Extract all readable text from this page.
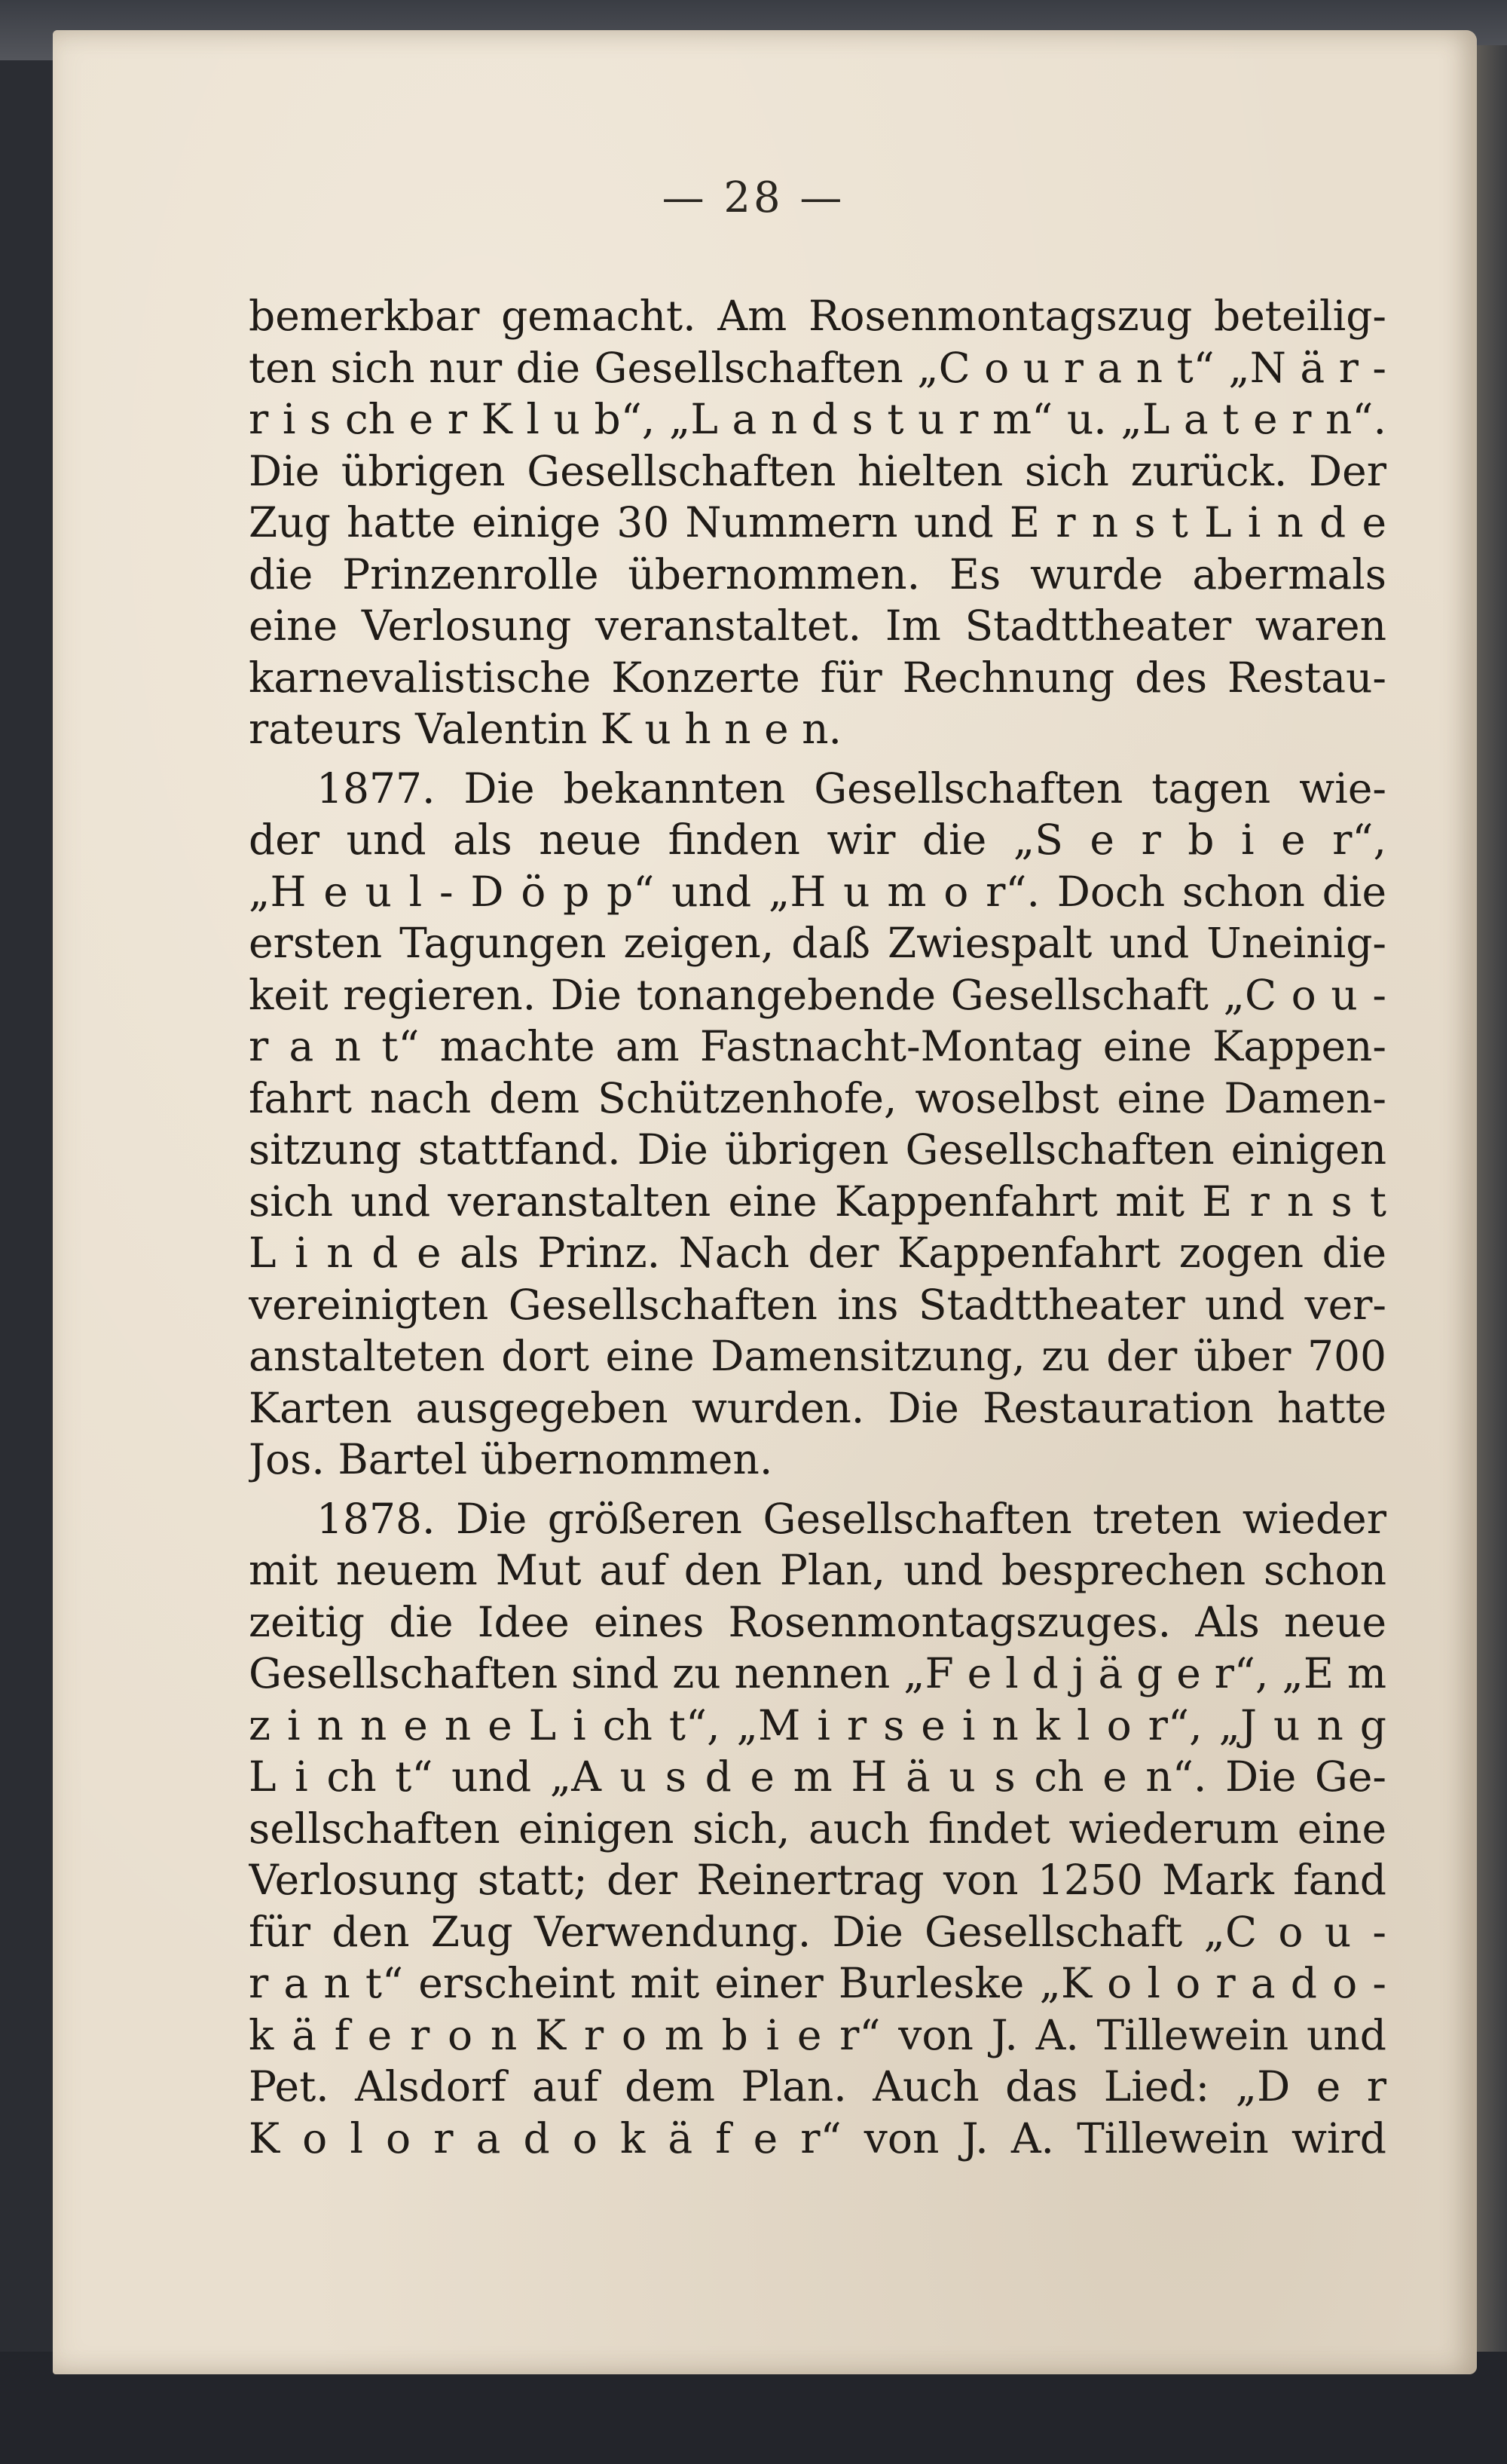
— 28 —
bemerkbar gemacht. Am Rosenmontagszug beteilig-
ten sich nur die Gesellschaften „C o u r a n t“ „N ä r -
r i s ch e r K l u b“, „L a n d s t u r m“ u. „L a t e r n“.
Die übrigen Gesellschaften hielten sich zurück. Der
Zug hatte einige 30 Nummern und E r n s t L i n d e
die Prinzenrolle übernommen. Es wurde abermals
eine Verlosung veranstaltet. Im Stadttheater waren
karnevalistische Konzerte für Rechnung des Restau-
rateurs Valentin K u h n e n.
1877. Die bekannten Gesellschaften tagen wie-
der und als neue finden wir die „S e r b i e r“,
„H e u l - D ö p p“ und „H u m o r“. Doch schon die
ersten Tagungen zeigen, daß Zwiespalt und Uneinig-
keit regieren. Die tonangebende Gesellschaft „C o u -
r a n t“ machte am Fastnacht-Montag eine Kappen-
fahrt nach dem Schützenhofe, woselbst eine Damen-
sitzung stattfand. Die übrigen Gesellschaften einigen
sich und veranstalten eine Kappenfahrt mit E r n s t
L i n d e als Prinz. Nach der Kappenfahrt zogen die
vereinigten Gesellschaften ins Stadttheater und ver-
anstalteten dort eine Damensitzung, zu der über 700
Karten ausgegeben wurden. Die Restauration hatte
Jos. Bartel übernommen.
1878. Die größeren Gesellschaften treten wieder
mit neuem Mut auf den Plan, und besprechen schon
zeitig die Idee eines Rosenmontagszuges. Als neue
Gesellschaften sind zu nennen „F e l d j ä g e r“, „E m
z i n n e n e L i ch t“, „M i r s e i n k l o r“, „J u n g
L i ch t“ und „A u s d e m H ä u s ch e n“. Die Ge-
sellschaften einigen sich, auch findet wiederum eine
Verlosung statt; der Reinertrag von 1250 Mark fand
für den Zug Verwendung. Die Gesellschaft „C o u -
r a n t“ erscheint mit einer Burleske „K o l o r a d o -
k ä f e r o n K r o m b i e r“ von J. A. Tillewein und
Pet. Alsdorf auf dem Plan. Auch das Lied: „D e r
K o l o r a d o k ä f e r“ von J. A. Tillewein wird
